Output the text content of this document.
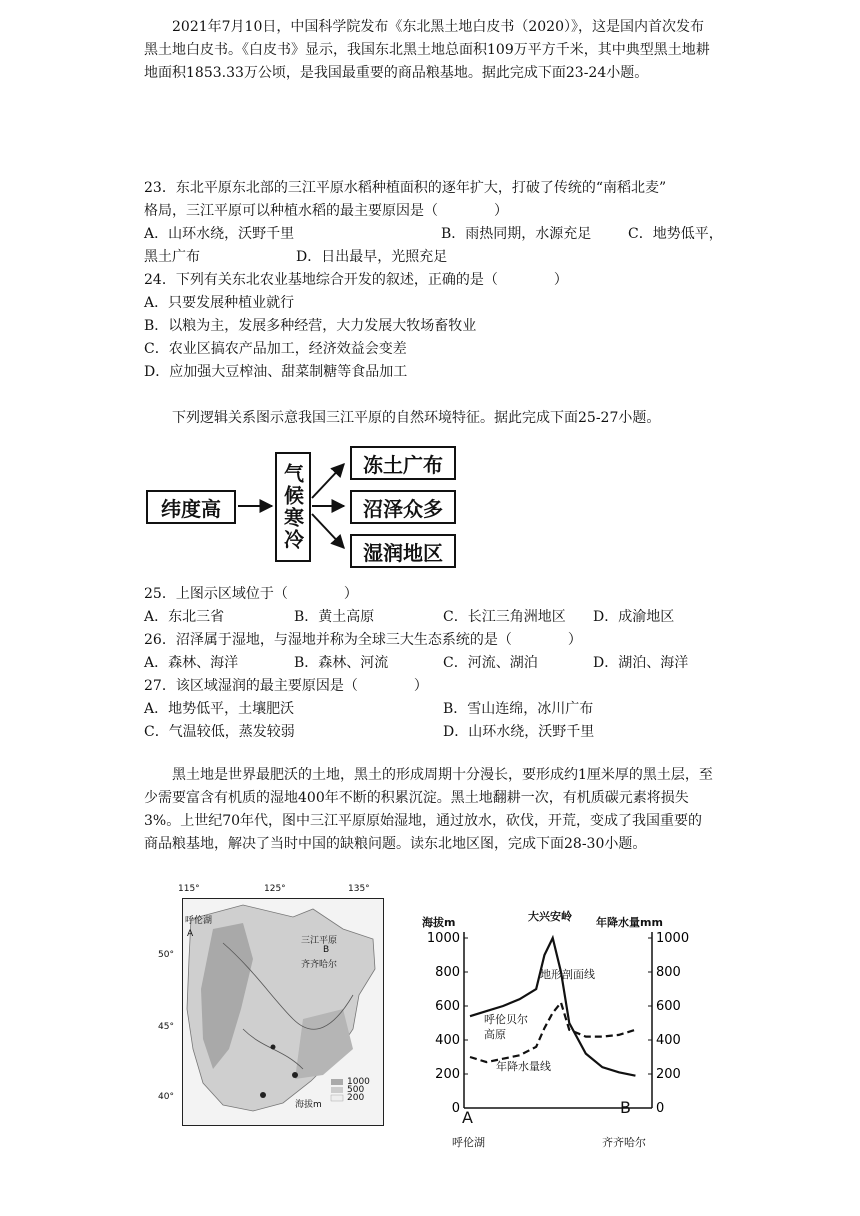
2021年7月10日，中国科学院发布《东北黑土地白皮书（2020）》，这是国内首次发布黑土地白皮书。《白皮书》显示，我国东北黑土地总面积109万平方千米，其中典型黑土地耕地面积1853.33万公顷，是我国最重要的商品粮基地。据此完成下面23-24小题。
23．东北平原东北部的三江平原水稻种植面积的逐年扩大，打破了传统的“南稻北麦”
格局，三江平原可以种植水稻的最主要原因是（　　　　）
A．山环水绕，沃野千里	B．雨热同期，水源充足	C．地势低平，
黑土广布	D．日出最早，光照充足
24．下列有关东北农业基地综合开发的叙述，正确的是（　　　　）
A．只要发展种植业就行
B．以粮为主，发展多种经营，大力发展大牧场畜牧业
C．农业区搞农产品加工，经济效益会变差
D．应加强大豆榨油、甜菜制糖等食品加工
下列逻辑关系图示意我国三江平原的自然环境特征。据此完成下面25-27小题。
纬度高	气候寒冷	冻土广布
沼泽众多
湿润地区
25．上图示区域位于（　　　　）
A．东北三省	B．黄土高原	C．长江三角洲地区 D．成渝地区
26．沼泽属于湿地，与湿地并称为全球三大生态系统的是（　　　　）
A．森林、海洋	B．森林、河流	C．河流、湖泊	D．湖泊、海洋
27．该区域湿润的最主要原因是（　　　　）
A．地势低平，土壤肥沃	B．雪山连绵，冰川广布
C．气温较低，蒸发较弱	D．山环水绕，沃野千里
黑土地是世界最肥沃的土地，黑土的形成周期十分漫长，要形成约1厘米厚的黑土层，至少需要富含有机质的湿地400年不断的积累沉淀。黑土地翻耕一次，有机质碳元素将损失3%。上世纪70年代，图中三江平原原始湿地，通过放水，砍伐，开荒，变成了我国重要的商品粮基地，解决了当时中国的缺粮问题。读东北地区图，完成下面28-30小题。
115°	125°	135°
50°
45°
40°
呼伦湖
A
三江平原
B
齐齐哈尔
海拔m
1000
500
200
1000
800
600
400
200
0
1000
800
600
400
200
0
海拔m	年降水量mm
大兴安岭
地形剖面线
呼伦贝尔高原
年降水量线
A
B
呼伦湖	齐齐哈尔
